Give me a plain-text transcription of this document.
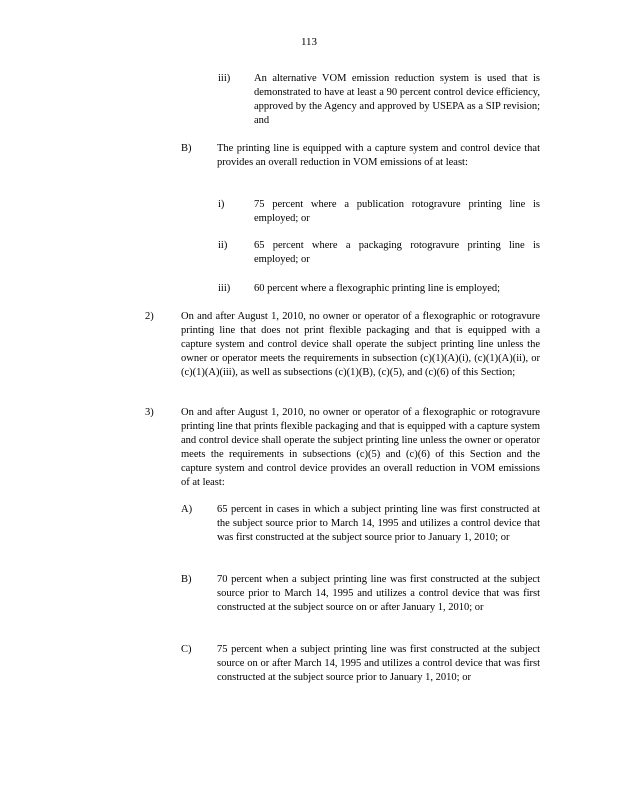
113
iii) An alternative VOM emission reduction system is used that is demonstrated to have at least a 90 percent control device efficiency, approved by the Agency and approved by USEPA as a SIP revision; and
B) The printing line is equipped with a capture system and control device that provides an overall reduction in VOM emissions of at least:
i)	75 percent where a publication rotogravure printing line is employed; or
ii)	65 percent where a packaging rotogravure printing line is employed; or
iii) 60 percent where a flexographic printing line is employed;
2)	On and after August 1, 2010, no owner or operator of a flexographic or rotogravure printing line that does not print flexible packaging and that is equipped with a capture system and control device shall operate the subject printing line unless the owner or operator meets the requirements in subsection (c)(1)(A)(i), (c)(1)(A)(ii), or (c)(1)(A)(iii), as well as subsections (c)(1)(B), (c)(5), and (c)(6) of this Section;
3)	On and after August 1, 2010, no owner or operator of a flexographic or rotogravure printing line that prints flexible packaging and that is equipped with a capture system and control device shall operate the subject printing line unless the owner or operator meets the requirements in subsections (c)(5) and (c)(6) of this Section and the capture system and control device provides an overall reduction in VOM emissions of at least:
A) 65 percent in cases in which a subject printing line was first constructed at the subject source prior to March 14, 1995 and utilizes a control device that was first constructed at the subject source prior to January 1, 2010; or
B) 70 percent when a subject printing line was first constructed at the subject source prior to March 14, 1995 and utilizes a control device that was first constructed at the subject source on or after January 1, 2010; or
C) 75 percent when a subject printing line was first constructed at the subject source on or after March 14, 1995 and utilizes a control device that was first constructed at the subject source prior to January 1, 2010; or
